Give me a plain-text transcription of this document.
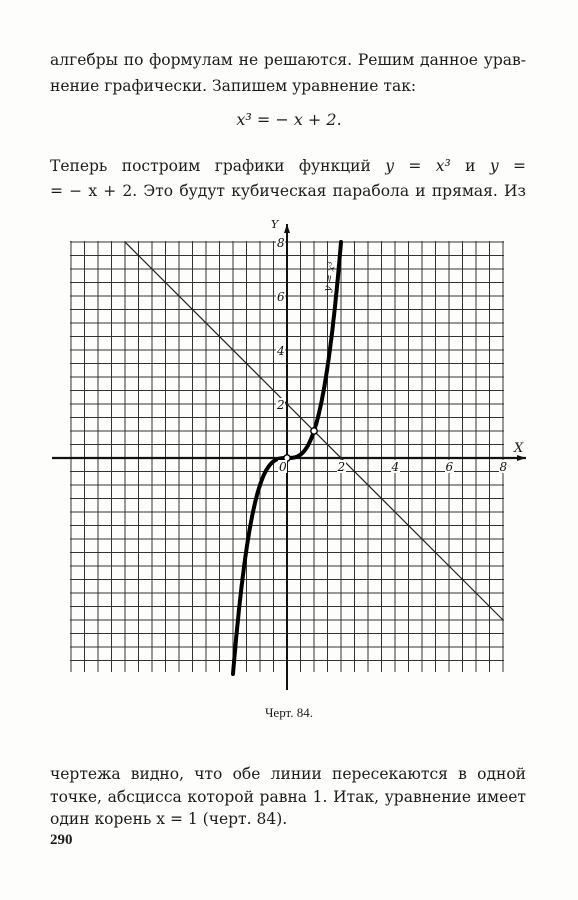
алгебры по формулам не решаются. Решим данное урав-
нение графически. Запишем уравнение так:
x³ = − x + 2.
Теперь построим графики функций y = x³ и y =
= − x + 2. Это будут кубическая парабола и прямая. Из
2	4	6	8
2
4
6
8
0
X
Y
y = x³
Черт. 84.
чертежа видно, что обе линии пересекаются в одной
точке, абсцисса которой равна 1. Итак, уравнение имеет
один корень x = 1 (черт. 84).
290
